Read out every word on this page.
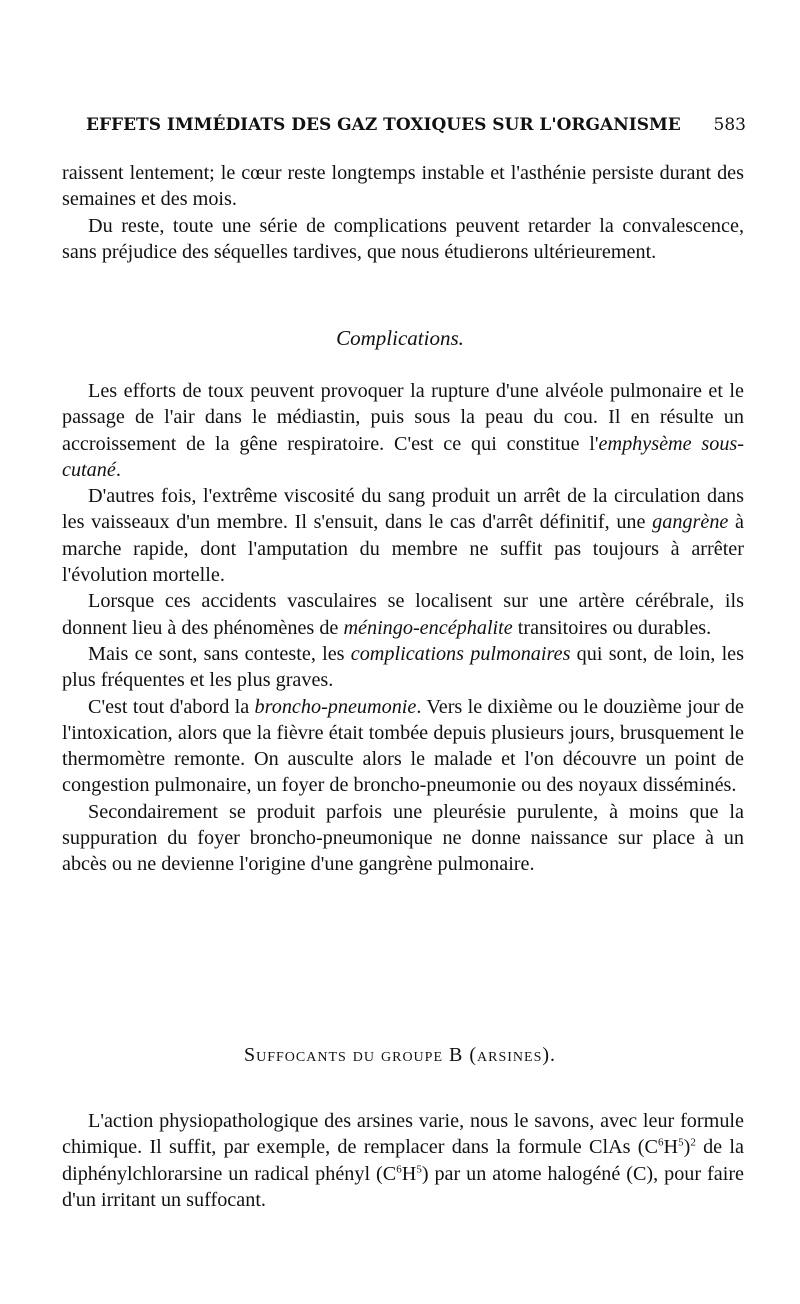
EFFETS IMMÉDIATS DES GAZ TOXIQUES SUR L'ORGANISME 583

raissent lentement; le cœur reste longtemps instable et l'asthénie persiste durant des semaines et des mois.

Du reste, toute une série de complications peuvent retarder la convalescence, sans préjudice des séquelles tardives, que nous étudierons ultérieurement.

Complications.

Les efforts de toux peuvent provoquer la rupture d'une alvéole pulmonaire et le passage de l'air dans le médiastin, puis sous la peau du cou. Il en résulte un accroissement de la gêne respiratoire. C'est ce qui constitue l'emphysème sous-cutané.

D'autres fois, l'extrême viscosité du sang produit un arrêt de la circulation dans les vaisseaux d'un membre. Il s'ensuit, dans le cas d'arrêt définitif, une gangrène à marche rapide, dont l'amputation du membre ne suffit pas toujours à arrêter l'évolution mortelle.

Lorsque ces accidents vasculaires se localisent sur une artère cérébrale, ils donnent lieu à des phénomènes de méningo-encéphalite transitoires ou durables.

Mais ce sont, sans conteste, les complications pulmonaires qui sont, de loin, les plus fréquentes et les plus graves.

C'est tout d'abord la broncho-pneumonie. Vers le dixième ou le douzième jour de l'intoxication, alors que la fièvre était tombée depuis plusieurs jours, brusquement le thermomètre remonte. On ausculte alors le malade et l'on découvre un point de congestion pulmonaire, un foyer de broncho-pneumonie ou des noyaux disséminés.

Secondairement se produit parfois une pleurésie purulente, à moins que la suppuration du foyer broncho-pneumonique ne donne naissance sur place à un abcès ou ne devienne l'origine d'une gangrène pulmonaire.

Suffocants du groupe B (arsines).

L'action physiopathologique des arsines varie, nous le savons, avec leur formule chimique. Il suffit, par exemple, de remplacer dans la formule ClAs $(C^6H^5)^2$ de la diphénylchlorarsine un radical phényl $(C^6H^5)$ par un atome halogéné (C), pour faire d'un irritant un suffocant.
